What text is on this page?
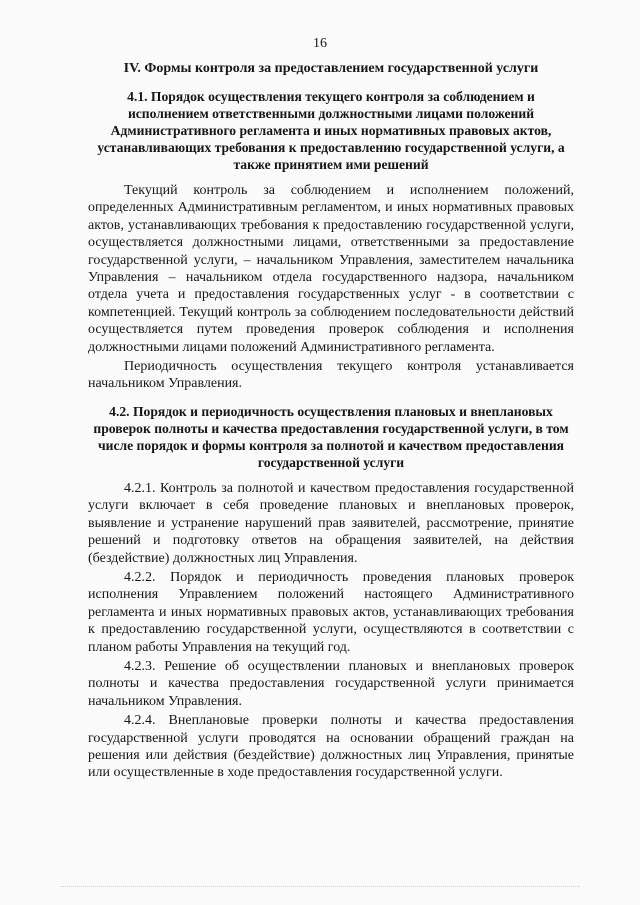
16
IV. Формы контроля за предоставлением государственной услуги
4.1. Порядок осуществления текущего контроля за соблюдением и исполнением ответственными должностными лицами положений Административного регламента и иных нормативных правовых актов, устанавливающих требования к предоставлению государственной услуги, а также принятием ими решений

Текущий контроль за соблюдением и исполнением положений, определенных Административным регламентом, и иных нормативных правовых актов, устанавливающих требования к предоставлению государственной услуги, осуществляется должностными лицами, ответственными за предоставление государственной услуги, – начальником Управления, заместителем начальника Управления – начальником отдела государственного надзора, начальником отдела учета и предоставления государственных услуг - в соответствии с компетенцией. Текущий контроль за соблюдением последовательности действий осуществляется путем проведения проверок соблюдения и исполнения должностными лицами положений Административного регламента.

Периодичность осуществления текущего контроля устанавливается начальником Управления.

4.2. Порядок и периодичность осуществления плановых и внеплановых проверок полноты и качества предоставления государственной услуги, в том числе порядок и формы контроля за полнотой и качеством предоставления государственной услуги

4.2.1. Контроль за полнотой и качеством предоставления государственной услуги включает в себя проведение плановых и внеплановых проверок, выявление и устранение нарушений прав заявителей, рассмотрение, принятие решений и подготовку ответов на обращения заявителей, на действия (бездействие) должностных лиц Управления.

4.2.2. Порядок и периодичность проведения плановых проверок исполнения Управлением положений настоящего Административного регламента и иных нормативных правовых актов, устанавливающих требования к предоставлению государственной услуги, осуществляются в соответствии с планом работы Управления на текущий год.

4.2.3. Решение об осуществлении плановых и внеплановых проверок полноты и качества предоставления государственной услуги принимается начальником Управления.

4.2.4. Внеплановые проверки полноты и качества предоставления государственной услуги проводятся на основании обращений граждан на решения или действия (бездействие) должностных лиц Управления, принятые или осуществленные в ходе предоставления государственной услуги.
